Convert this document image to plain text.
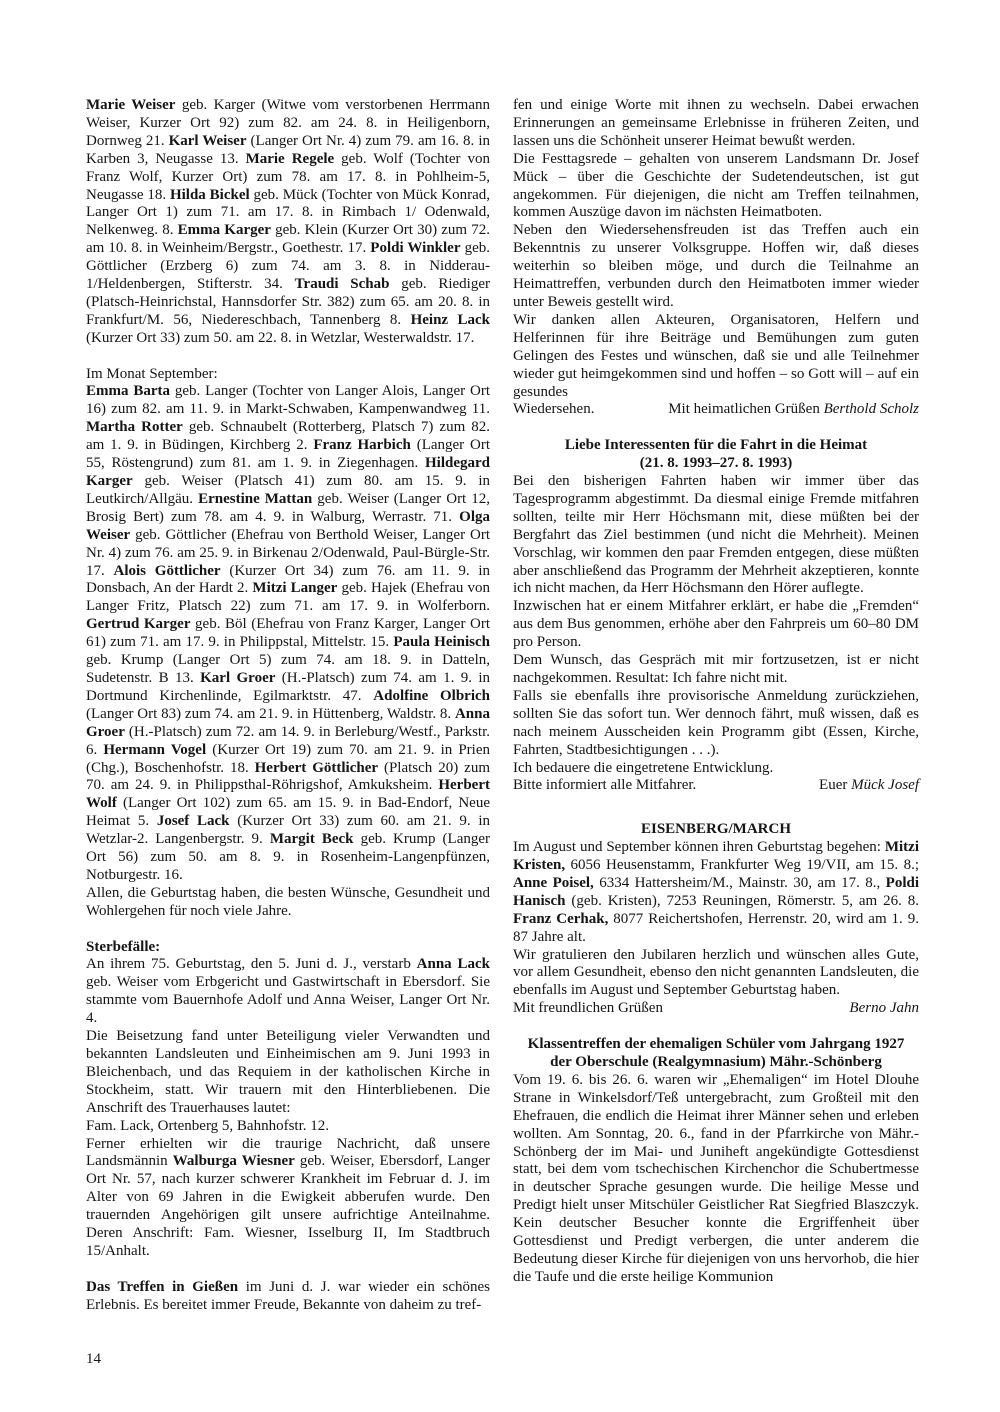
Marie Weiser geb. Karger (Witwe vom verstorbenen Herrmann Weiser, Kurzer Ort 92) zum 82. am 24. 8. in Heiligenborn, Dornweg 21. Karl Weiser (Langer Ort Nr. 4) zum 79. am 16. 8. in Karben 3, Neugasse 13. Marie Regele geb. Wolf (Tochter von Franz Wolf, Kurzer Ort) zum 78. am 17. 8. in Pohlheim-5, Neugasse 18. Hilda Bickel geb. Mück (Tochter von Mück Konrad, Langer Ort 1) zum 71. am 17. 8. in Rimbach 1/ Odenwald, Nelkenweg. 8. Emma Karger geb. Klein (Kurzer Ort 30) zum 72. am 10. 8. in Weinheim/Bergstr., Goethestr. 17. Poldi Winkler geb. Göttlicher (Erzberg 6) zum 74. am 3. 8. in Nidderau-1/Heldenbergen, Stifterstr. 34. Traudi Schab geb. Riediger (Platsch-Heinrichstal, Hannsdorfer Str. 382) zum 65. am 20. 8. in Frankfurt/M. 56, Niedereschbach, Tannenberg 8. Heinz Lack (Kurzer Ort 33) zum 50. am 22. 8. in Wetzlar, Westerwaldstr. 17.

Im Monat September:

Emma Barta geb. Langer (Tochter von Langer Alois, Langer Ort 16) zum 82. am 11. 9. in Markt-Schwaben, Kampenwandweg 11. Martha Rotter geb. Schnaubelt (Rotterberg, Platsch 7) zum 82. am 1. 9. in Büdingen, Kirchberg 2. Franz Harbich (Langer Ort 55, Röstengrund) zum 81. am 1. 9. in Ziegenhagen. Hildegard Karger geb. Weiser (Platsch 41) zum 80. am 15. 9. in Leutkirch/Allgäu. Ernestine Mattan geb. Weiser (Langer Ort 12, Brosig Bert) zum 78. am 4. 9. in Walburg, Werrastr. 71. Olga Weiser geb. Göttlicher (Ehefrau von Berthold Weiser, Langer Ort Nr. 4) zum 76. am 25. 9. in Birkenau 2/Odenwald, Paul-Bürgle-Str. 17. Alois Göttlicher (Kurzer Ort 34) zum 76. am 11. 9. in Donsbach, An der Hardt 2. Mitzi Langer geb. Hajek (Ehefrau von Langer Fritz, Platsch 22) zum 71. am 17. 9. in Wolferborn. Gertrud Karger geb. Böl (Ehefrau von Franz Karger, Langer Ort 61) zum 71. am 17. 9. in Philippstal, Mittelstr. 15. Paula Heinisch geb. Krump (Langer Ort 5) zum 74. am 18. 9. in Datteln, Sudetenstr. B 13. Karl Groer (H.-Platsch) zum 74. am 1. 9. in Dortmund Kirchenlinde, Egilmarktstr. 47. Adolfine Olbrich (Langer Ort 83) zum 74. am 21. 9. in Hüttenberg, Waldstr. 8. Anna Groer (H.-Platsch) zum 72. am 14. 9. in Berleburg/Westf., Parkstr. 6. Hermann Vogel (Kurzer Ort 19) zum 70. am 21. 9. in Prien (Chg.), Boschenhofstr. 18. Herbert Göttlicher (Platsch 20) zum 70. am 24. 9. in Philippsthal-Röhrigshof, Amkuksheim. Herbert Wolf (Langer Ort 102) zum 65. am 15. 9. in Bad-Endorf, Neue Heimat 5. Josef Lack (Kurzer Ort 33) zum 60. am 21. 9. in Wetzlar-2. Langenbergstr. 9. Margit Beck geb. Krump (Langer Ort 56) zum 50. am 8. 9. in Rosenheim-Langenpfünzen, Notburgestr. 16.

Allen, die Geburtstag haben, die besten Wünsche, Gesundheit und Wohlergehen für noch viele Jahre.

Sterbefälle:

An ihrem 75. Geburtstag, den 5. Juni d. J., verstarb Anna Lack geb. Weiser vom Erbgericht und Gastwirtschaft in Ebersdorf. Sie stammte vom Bauernhofe Adolf und Anna Weiser, Langer Ort Nr. 4.

Die Beisetzung fand unter Beteiligung vieler Verwandten und bekannten Landsleuten und Einheimischen am 9. Juni 1993 in Bleichenbach, und das Requiem in der katholischen Kirche in Stockheim, statt. Wir trauern mit den Hinterbliebenen. Die Anschrift des Trauerhauses lautet:

Fam. Lack, Ortenberg 5, Bahnhofstr. 12.

Ferner erhielten wir die traurige Nachricht, daß unsere Landsmännin Walburga Wiesner geb. Weiser, Ebersdorf, Langer Ort Nr. 57, nach kurzer schwerer Krankheit im Februar d. J. im Alter von 69 Jahren in die Ewigkeit abberufen wurde. Den trauernden Angehörigen gilt unsere aufrichtige Anteilnahme. Deren Anschrift: Fam. Wiesner, Isselburg II, Im Stadtbruch 15/Anhalt.

Das Treffen in Gießen im Juni d. J. war wieder ein schönes Erlebnis. Es bereitet immer Freude, Bekannte von daheim zu tref-

fen und einige Worte mit ihnen zu wechseln. Dabei erwachen Erinnerungen an gemeinsame Erlebnisse in früheren Zeiten, und lassen uns die Schönheit unserer Heimat bewußt werden.

Die Festtagsrede – gehalten von unserem Landsmann Dr. Josef Mück – über die Geschichte der Sudetendeutschen, ist gut angekommen. Für diejenigen, die nicht am Treffen teilnahmen, kommen Auszüge davon im nächsten Heimatboten.

Neben den Wiedersehensfreuden ist das Treffen auch ein Bekenntnis zu unserer Volksgruppe. Hoffen wir, daß dieses weiterhin so bleiben möge, und durch die Teilnahme an Heimattreffen, verbunden durch den Heimatboten immer wieder unter Beweis gestellt wird.

Wir danken allen Akteuren, Organisatoren, Helfern und Helferinnen für ihre Beiträge und Bemühungen zum guten Gelingen des Festes und wünschen, daß sie und alle Teilnehmer wieder gut heimgekommen sind und hoffen – so Gott will – auf ein gesundes

Wiedersehen.	Mit heimatlichen Grüßen Berthold Scholz
Liebe Interessenten für die Fahrt in die Heimat
(21. 8. 1993–27. 8. 1993)

Bei den bisherigen Fahrten haben wir immer über das Tagesprogramm abgestimmt. Da diesmal einige Fremde mitfahren sollten, teilte mir Herr Höchsmann mit, diese müßten bei der Bergfahrt das Ziel bestimmen (und nicht die Mehrheit). Meinen Vorschlag, wir kommen den paar Fremden entgegen, diese müßten aber anschließend das Programm der Mehrheit akzeptieren, konnte ich nicht machen, da Herr Höchsmann den Hörer auflegte.

Inzwischen hat er einem Mitfahrer erklärt, er habe die „Fremden“ aus dem Bus genommen, erhöhe aber den Fahrpreis um 60–80 DM pro Person.

Dem Wunsch, das Gespräch mit mir fortzusetzen, ist er nicht nachgekommen. Resultat: Ich fahre nicht mit.

Falls sie ebenfalls ihre provisorische Anmeldung zurückziehen, sollten Sie das sofort tun. Wer dennoch fährt, muß wissen, daß es nach meinem Ausscheiden kein Programm gibt (Essen, Kirche, Fahrten, Stadtbesichtigungen . . .).

Ich bedauere die eingetretene Entwicklung.

Bitte informiert alle Mitfahrer.	Euer Mück Josef
EISENBERG/MARCH

Im August und September können ihren Geburtstag begehen: Mitzi Kristen, 6056 Heusenstamm, Frankfurter Weg 19/VII, am 15. 8.; Anne Poisel, 6334 Hattersheim/M., Mainstr. 30, am 17. 8., Poldi Hanisch (geb. Kristen), 7253 Reuningen, Römerstr. 5, am 26. 8. Franz Cerhak, 8077 Reichertshofen, Herrenstr. 20, wird am 1. 9. 87 Jahre alt.

Wir gratulieren den Jubilaren herzlich und wünschen alles Gute, vor allem Gesundheit, ebenso den nicht genannten Landsleuten, die ebenfalls im August und September Geburtstag haben.

Mit freundlichen Grüßen	Berno Jahn
Klassentreffen der ehemaligen Schüler vom Jahrgang 1927
der Oberschule (Realgymnasium) Mähr.-Schönberg

Vom 19. 6. bis 26. 6. waren wir „Ehemaligen“ im Hotel Dlouhe Strane in Winkelsdorf/Teß untergebracht, zum Großteil mit den Ehefrauen, die endlich die Heimat ihrer Männer sehen und erleben wollten. Am Sonntag, 20. 6., fand in der Pfarrkirche von Mähr.-Schönberg der im Mai- und Juniheft angekündigte Gottesdienst statt, bei dem vom tschechischen Kirchenchor die Schubertmesse in deutscher Sprache gesungen wurde. Die heilige Messe und Predigt hielt unser Mitschüler Geistlicher Rat Siegfried Blaszczyk. Kein deutscher Besucher konnte die Ergriffenheit über Gottesdienst und Predigt verbergen, die unter anderem die Bedeutung dieser Kirche für diejenigen von uns hervorhob, die hier die Taufe und die erste heilige Kommunion

14
